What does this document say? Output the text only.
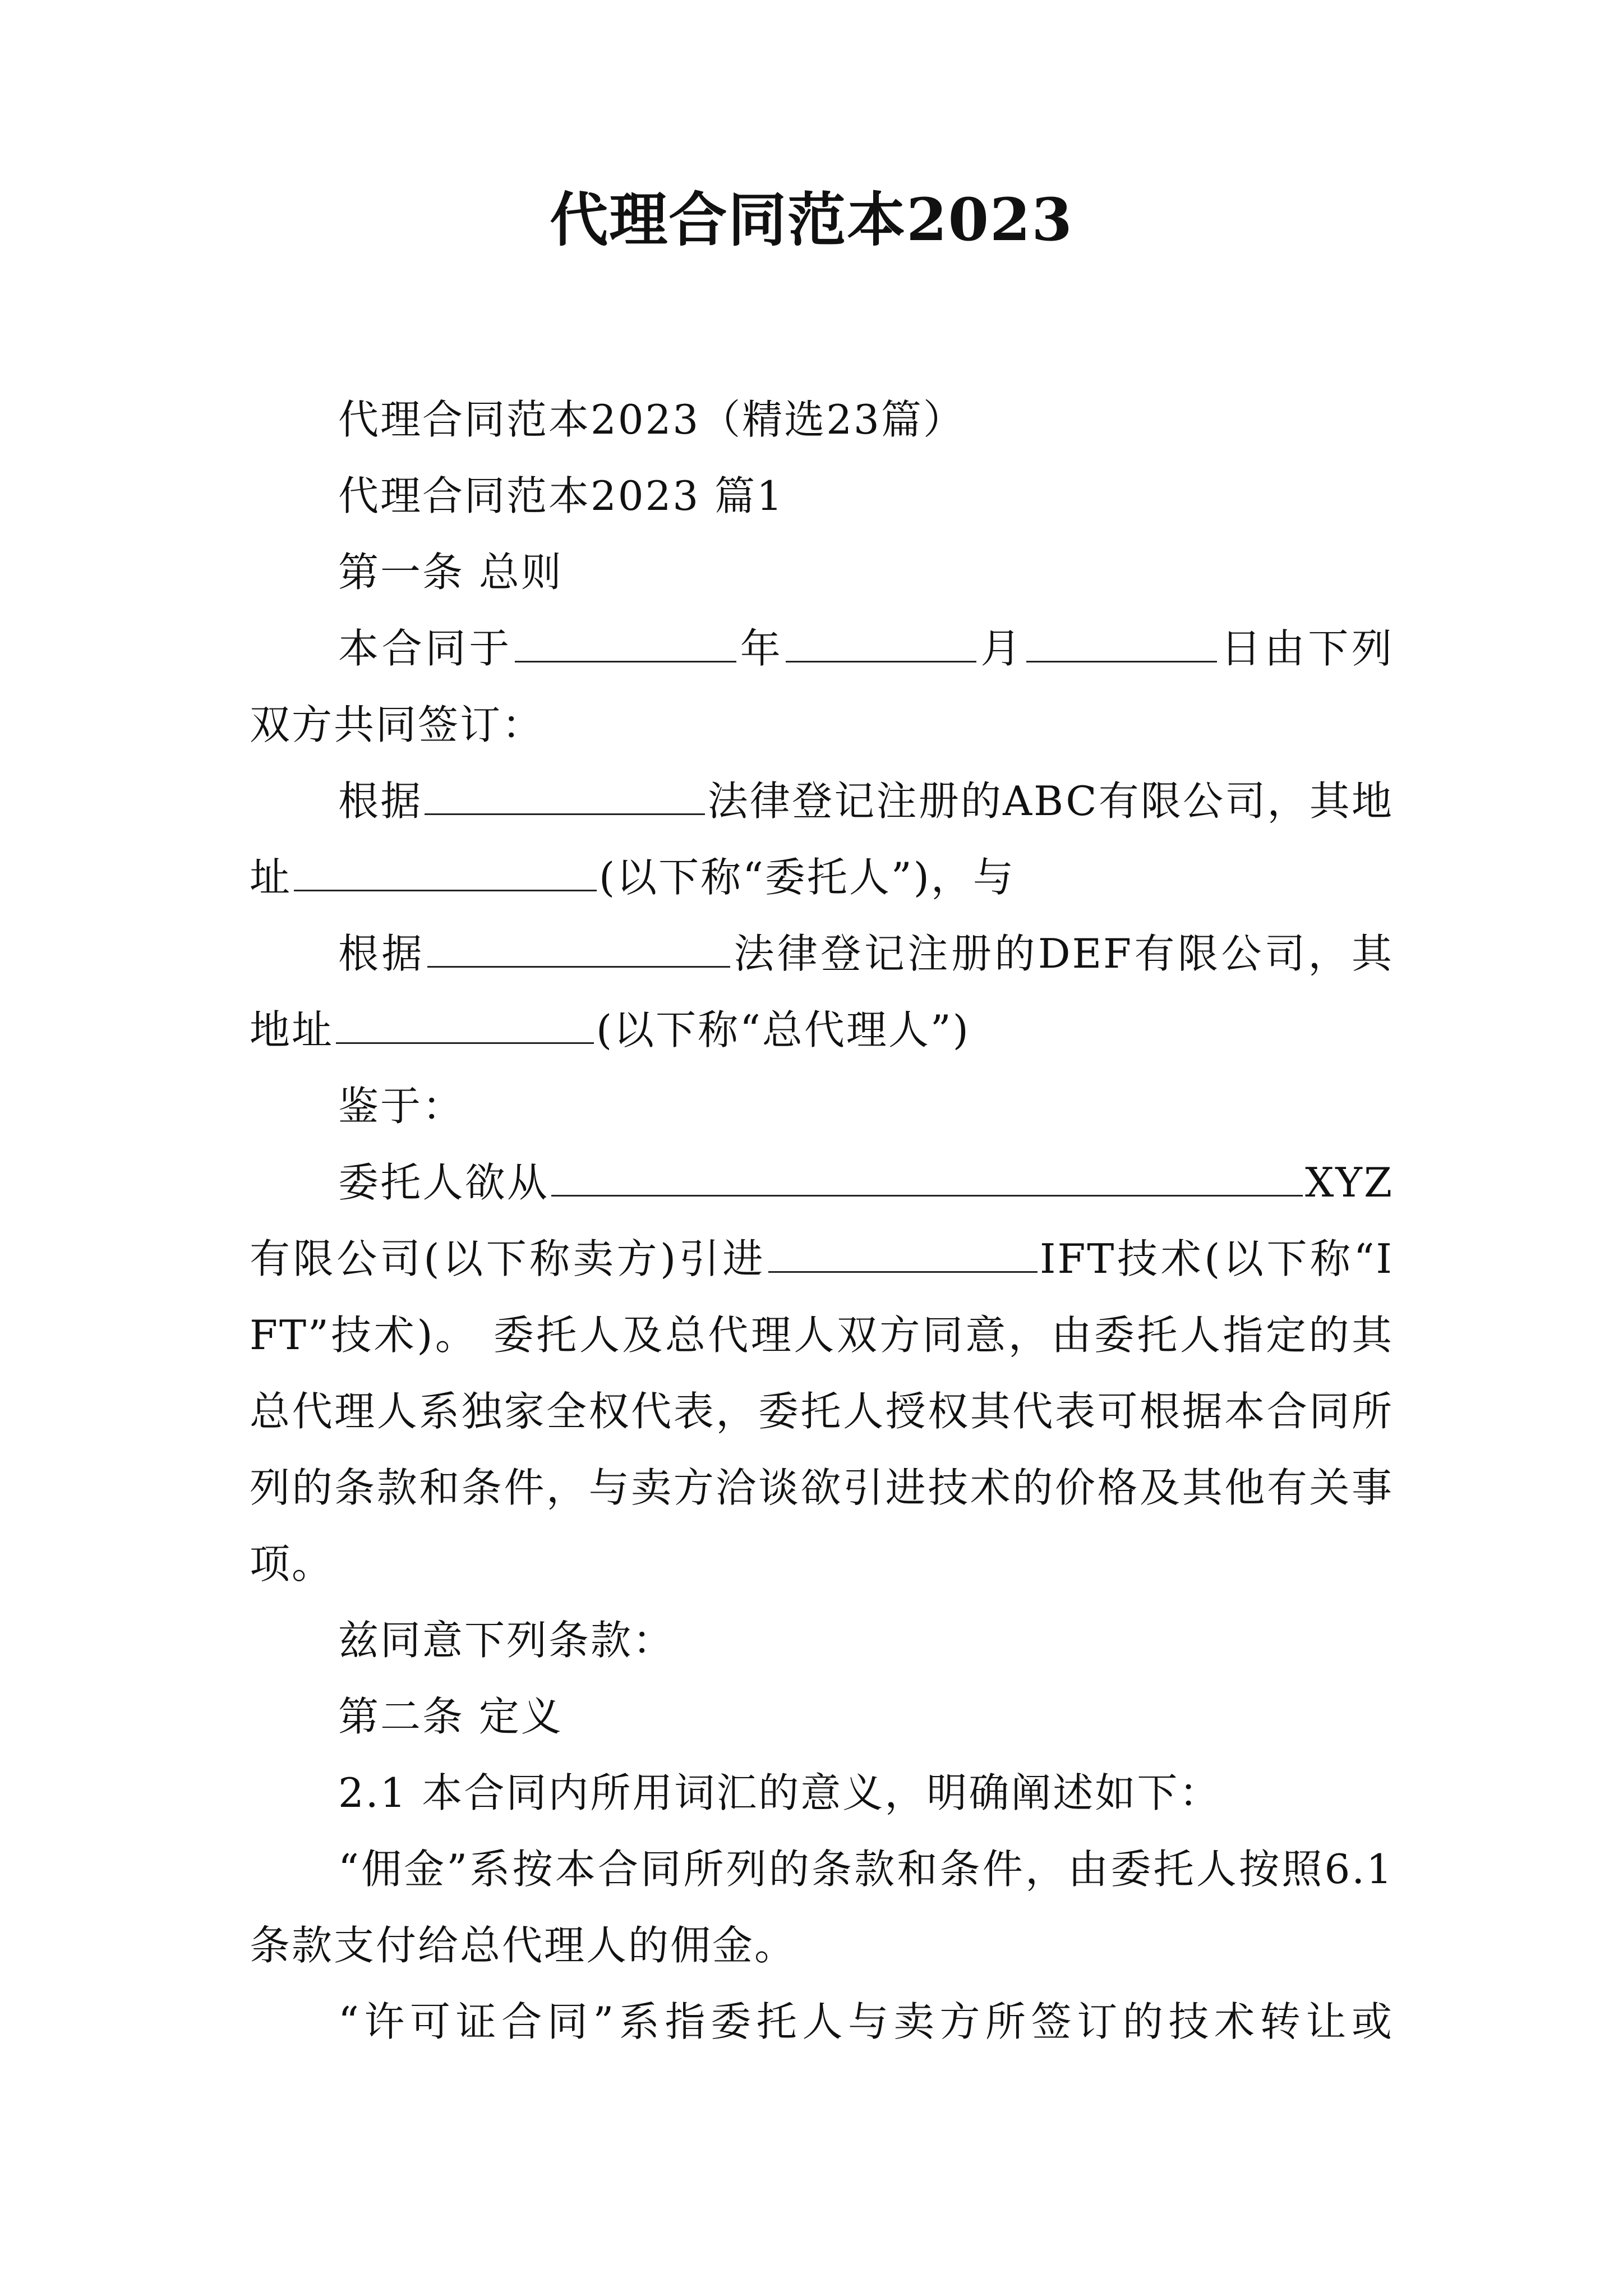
代理合同范本2023

代理合同范本2023（精选23篇）

代理合同范本2023 篇1

第一条 总则

本合同于	年	月	日由下列双方共同签订：

根据	法律登记注册的ABC有限公司，其地址	(以下称“委托人”)，与

根据	法律登记注册的DEF有限公司，其地址	(以下称“总代理人”)

鉴于：

委托人欲从	XYZ有限公司(以下称卖方)引进	IFT技术(以下称“IFT”技术)。 委托人及总代理人双方同意，由委托人指定的其总代理人系独家全权代表，委托人授权其代表可根据本合同所列的条款和条件，与卖方洽谈欲引进技术的价格及其他有关事项。

兹同意下列条款：

第二条 定义

2.1 本合同内所用词汇的意义，明确阐述如下：

“佣金”系按本合同所列的条款和条件，由委托人按照6.1条款支付给总代理人的佣金。

“许可证合同”系指委托人与卖方所签订的技术转让或
